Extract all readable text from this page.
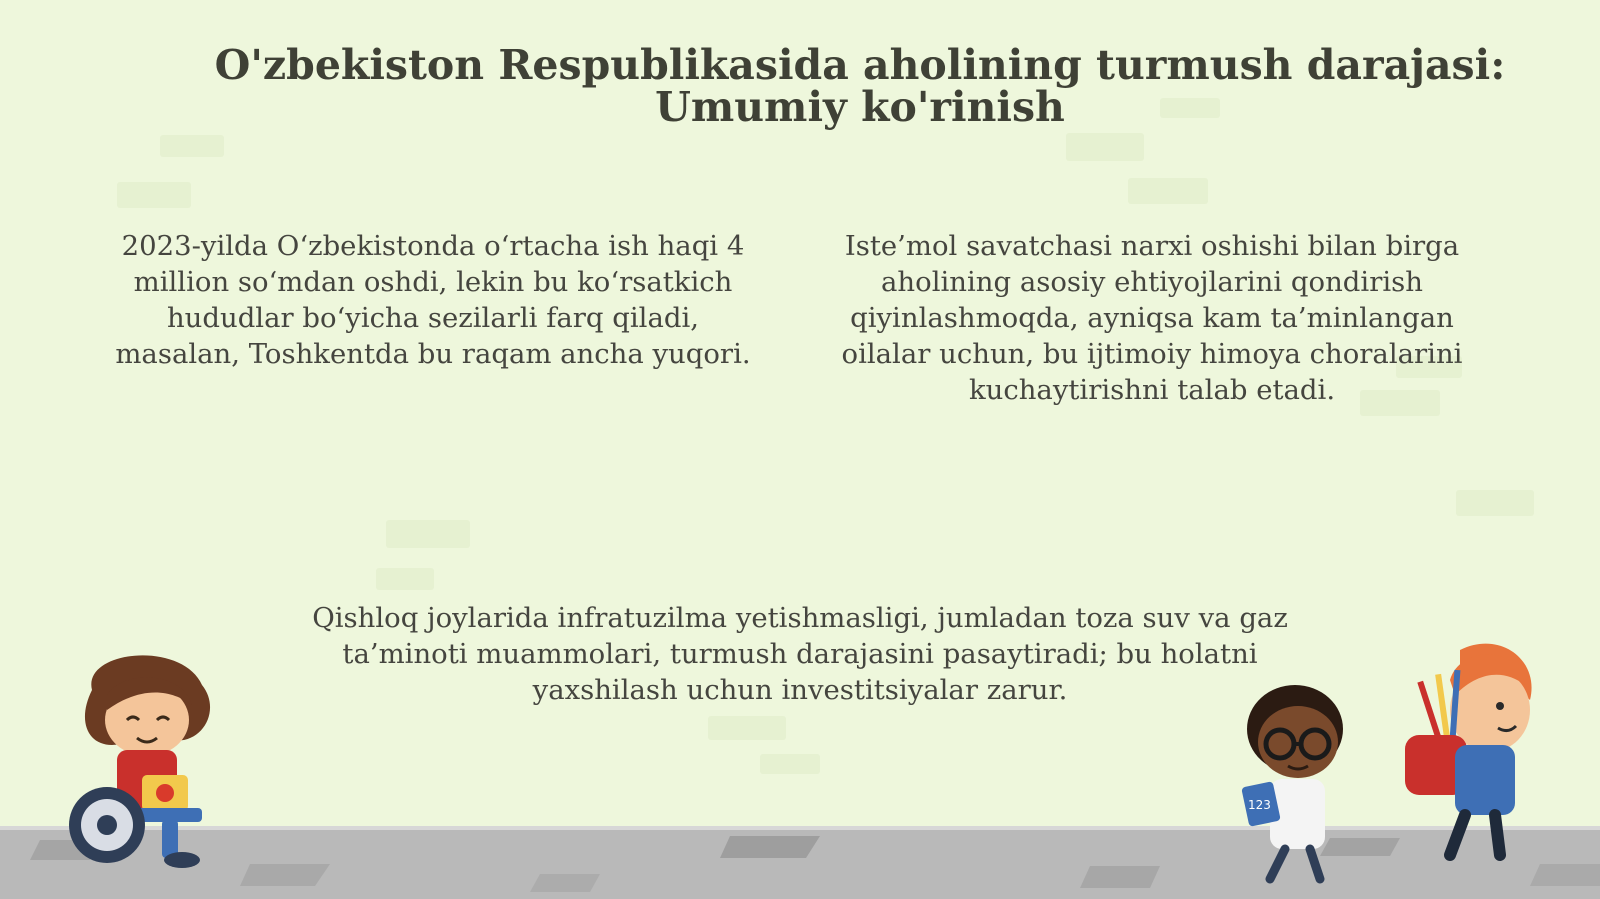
O'zbekiston Respublikasida aholining turmush darajasi: Umumiy ko'rinish
2023-yilda O‘zbekistonda o‘rtacha ish haqi 4 million so‘mdan oshdi, lekin bu ko‘rsatkich hududlar bo‘yicha sezilarli farq qiladi, masalan, Toshkentda bu raqam ancha yuqori.
Iste’mol savatchasi narxi oshishi bilan birga aholining asosiy ehtiyojlarini qondirish qiyinlashmoqda, ayniqsa kam ta’minlangan oilalar uchun, bu ijtimoiy himoya choralarini kuchaytirishni talab etadi.
Qishloq joylarida infratuzilma yetishmasligi, jumladan toza suv va gaz ta’minoti muammolari, turmush darajasini pasaytiradi; bu holatni yaxshilash uchun investitsiyalar zarur.
123
